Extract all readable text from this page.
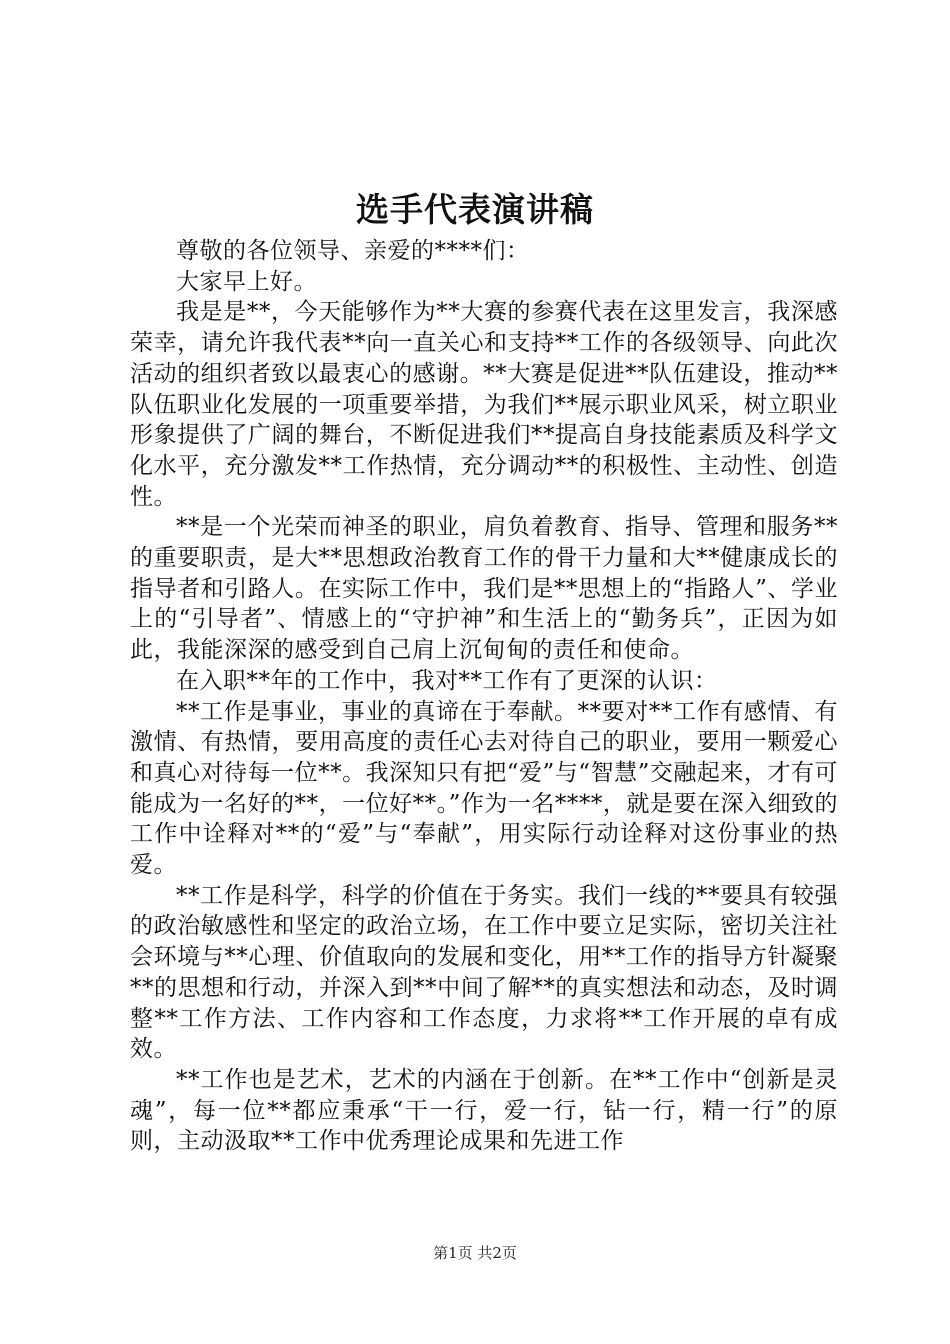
选手代表演讲稿

尊敬的各位领导、亲爱的****们：

大家早上好。

我是是**，今天能够作为**大赛的参赛代表在这里发言，我深感荣幸，请允许我代表**向一直关心和支持**工作的各级领导、向此次活动的组织者致以最衷心的感谢。**大赛是促进**队伍建设，推动**队伍职业化发展的一项重要举措，为我们**展示职业风采，树立职业形象提供了广阔的舞台，不断促进我们**提高自身技能素质及科学文化水平，充分激发**工作热情，充分调动**的积极性、主动性、创造性。

**是一个光荣而神圣的职业，肩负着教育、指导、管理和服务**的重要职责，是大**思想政治教育工作的骨干力量和大**健康成长的指导者和引路人。在实际工作中，我们是**思想上的“指路人”、学业上的“引导者”、情感上的“守护神”和生活上的“勤务兵”，正因为如此，我能深深的感受到自己肩上沉甸甸的责任和使命。

在入职**年的工作中，我对**工作有了更深的认识：

**工作是事业，事业的真谛在于奉献。**要对**工作有感情、有激情、有热情，要用高度的责任心去对待自己的职业，要用一颗爱心和真心对待每一位**。我深知只有把“爱”与“智慧”交融起来，才有可能成为一名好的**，一位好**。”作为一名****，就是要在深入细致的工作中诠释对**的“爱”与“奉献”，用实际行动诠释对这份事业的热爱。

**工作是科学，科学的价值在于务实。我们一线的**要具有较强的政治敏感性和坚定的政治立场，在工作中要立足实际，密切关注社会环境与**心理、价值取向的发展和变化，用**工作的指导方针凝聚**的思想和行动，并深入到**中间了解**的真实想法和动态，及时调整**工作方法、工作内容和工作态度，力求将**工作开展的卓有成效。

**工作也是艺术，艺术的内涵在于创新。在**工作中“创新是灵魂”，每一位**都应秉承“干一行，爱一行，钻一行，精一行”的原则，主动汲取**工作中优秀理论成果和先进工作

第1页 共2页
